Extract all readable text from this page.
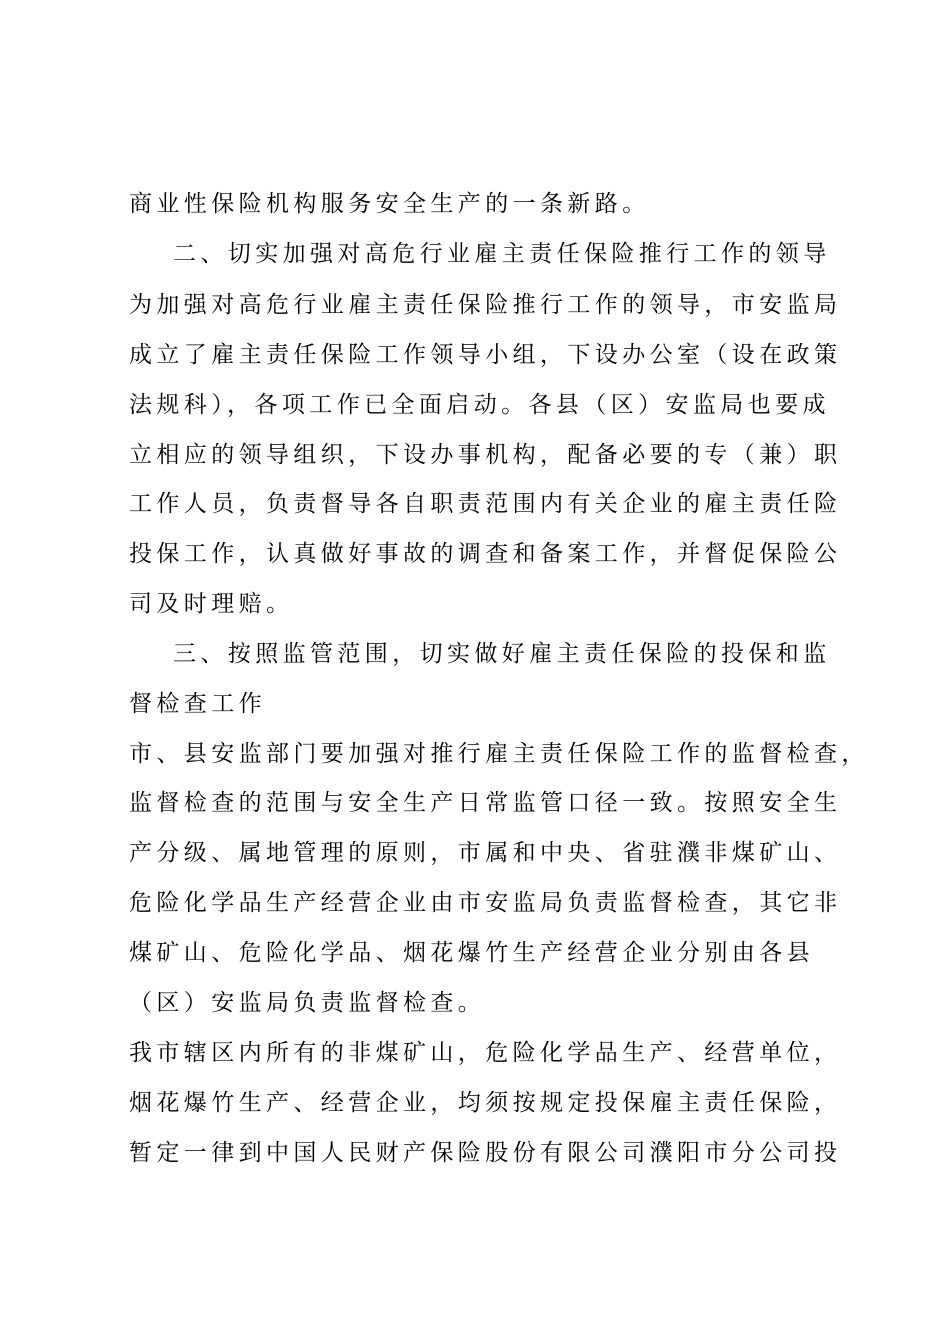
商业性保险机构服务安全生产的一条新路。
二、切实加强对高危行业雇主责任保险推行工作的领导
为加强对高危行业雇主责任保险推行工作的领导，市安监局
成立了雇主责任保险工作领导小组，下设办公室（设在政策
法规科），各项工作已全面启动。各县（区）安监局也要成
立相应的领导组织，下设办事机构，配备必要的专（兼）职
工作人员，负责督导各自职责范围内有关企业的雇主责任险
投保工作，认真做好事故的调查和备案工作，并督促保险公
司及时理赔。
三、按照监管范围，切实做好雇主责任保险的投保和监
督检查工作
市、县安监部门要加强对推行雇主责任保险工作的监督检查，
监督检查的范围与安全生产日常监管口径一致。按照安全生
产分级、属地管理的原则，市属和中央、省驻濮非煤矿山、
危险化学品生产经营企业由市安监局负责监督检查，其它非
煤矿山、危险化学品、烟花爆竹生产经营企业分别由各县
（区）安监局负责监督检查。
我市辖区内所有的非煤矿山，危险化学品生产、经营单位，
烟花爆竹生产、经营企业，均须按规定投保雇主责任保险，
暂定一律到中国人民财产保险股份有限公司濮阳市分公司投
